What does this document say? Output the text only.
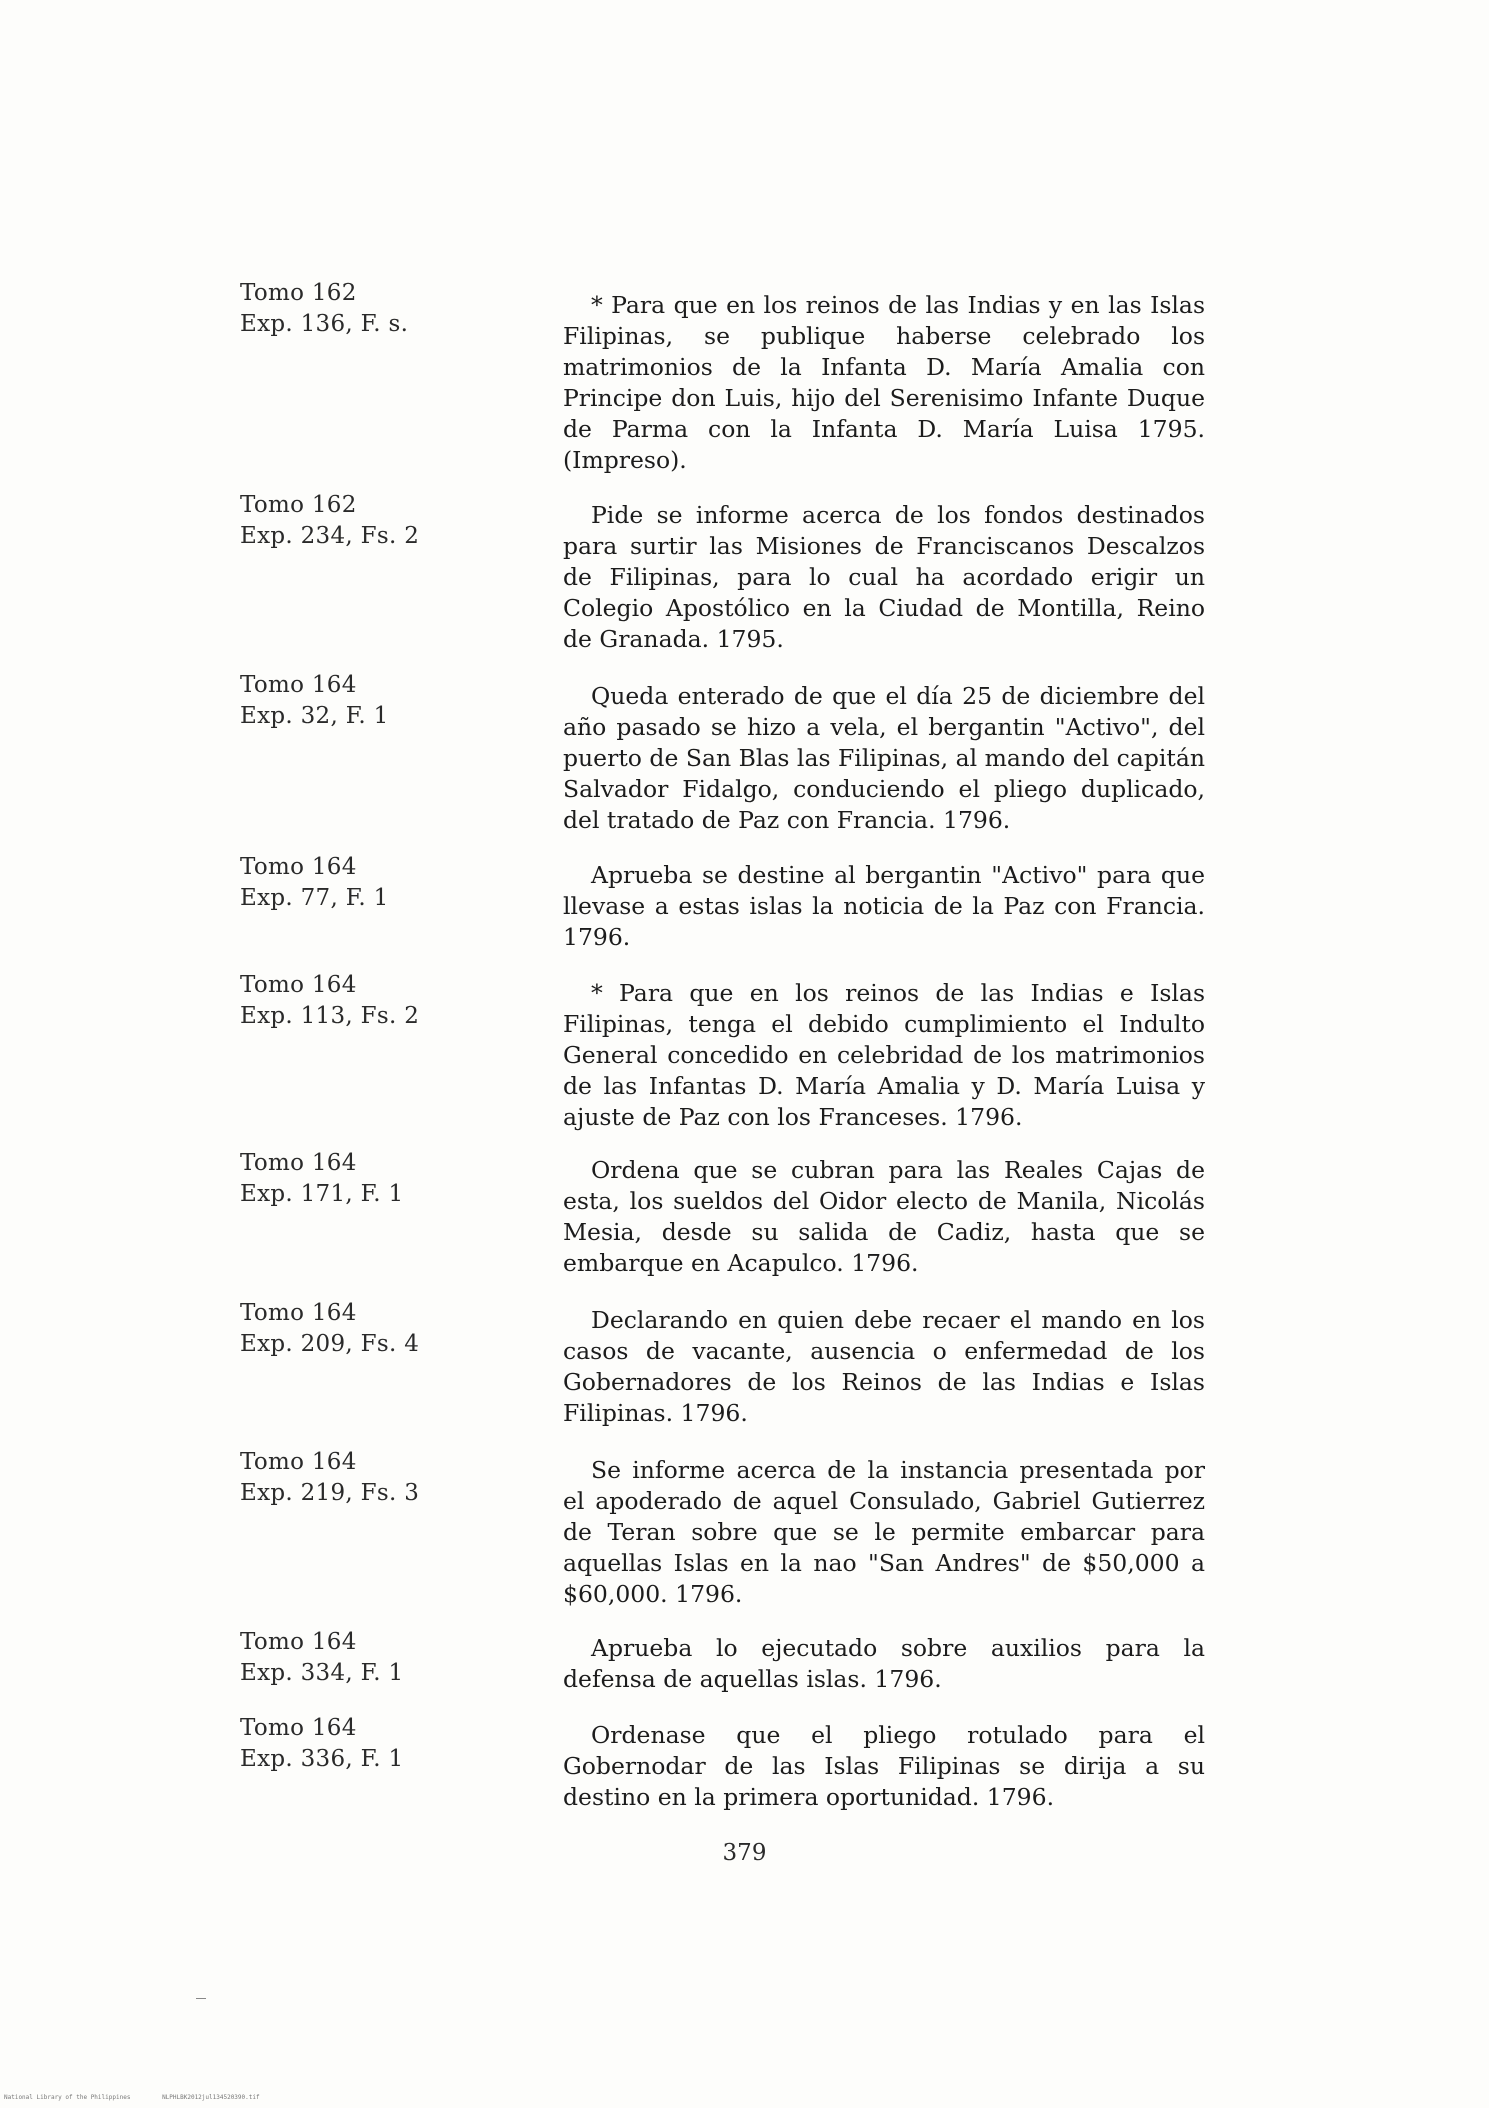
Tomo 162
Exp. 136, F. s.
* Para que en los reinos de las Indias y en las Islas Filipinas, se publique haberse celebrado los matrimonios de la Infanta D. María Amalia con Principe don Luis, hijo del Serenisimo Infante Duque de Parma con la Infanta D. María Luisa 1795. (Impreso).
Tomo 162
Exp. 234, Fs. 2
Pide se informe acerca de los fondos destinados para surtir las Misiones de Franciscanos Descalzos de Filipinas, para lo cual ha acordado erigir un Colegio Apostólico en la Ciudad de Montilla, Reino de Granada. 1795.
Tomo 164
Exp. 32, F. 1
Queda enterado de que el día 25 de diciembre del año pasado se hizo a vela, el bergantin "Activo", del puerto de San Blas las Filipinas, al mando del capitán Salvador Fidalgo, conduciendo el pliego duplicado, del tratado de Paz con Francia. 1796.
Tomo 164
Exp. 77, F. 1
Aprueba se destine al bergantin "Activo" para que llevase a estas islas la noticia de la Paz con Francia. 1796.
Tomo 164
Exp. 113, Fs. 2
* Para que en los reinos de las Indias e Islas Filipinas, tenga el debido cumplimiento el Indulto General concedido en celebridad de los matrimonios de las Infantas D. María Amalia y D. María Luisa y ajuste de Paz con los Franceses. 1796.
Tomo 164
Exp. 171, F. 1
Ordena que se cubran para las Reales Cajas de esta, los sueldos del Oidor electo de Manila, Nicolás Mesia, desde su salida de Cadiz, hasta que se embarque en Acapulco. 1796.
Tomo 164
Exp. 209, Fs. 4
Declarando en quien debe recaer el mando en los casos de vacante, ausencia o enfermedad de los Gobernadores de los Reinos de las Indias e Islas Filipinas. 1796.
Tomo 164
Exp. 219, Fs. 3
Se informe acerca de la instancia presentada por el apoderado de aquel Consulado, Gabriel Gutierrez de Teran sobre que se le permite embarcar para aquellas Islas en la nao "San Andres" de $50,000 a $60,000. 1796.
Tomo 164
Exp. 334, F. 1
Aprueba lo ejecutado sobre auxilios para la defensa de aquellas islas. 1796.
Tomo 164
Exp. 336, F. 1
Ordenase que el pliego rotulado para el Gobernodar de las Islas Filipinas se dirija a su destino en la primera oportunidad. 1796.
379
National Library of the Philippines	NLPHLBK2012jul134520390.tif
